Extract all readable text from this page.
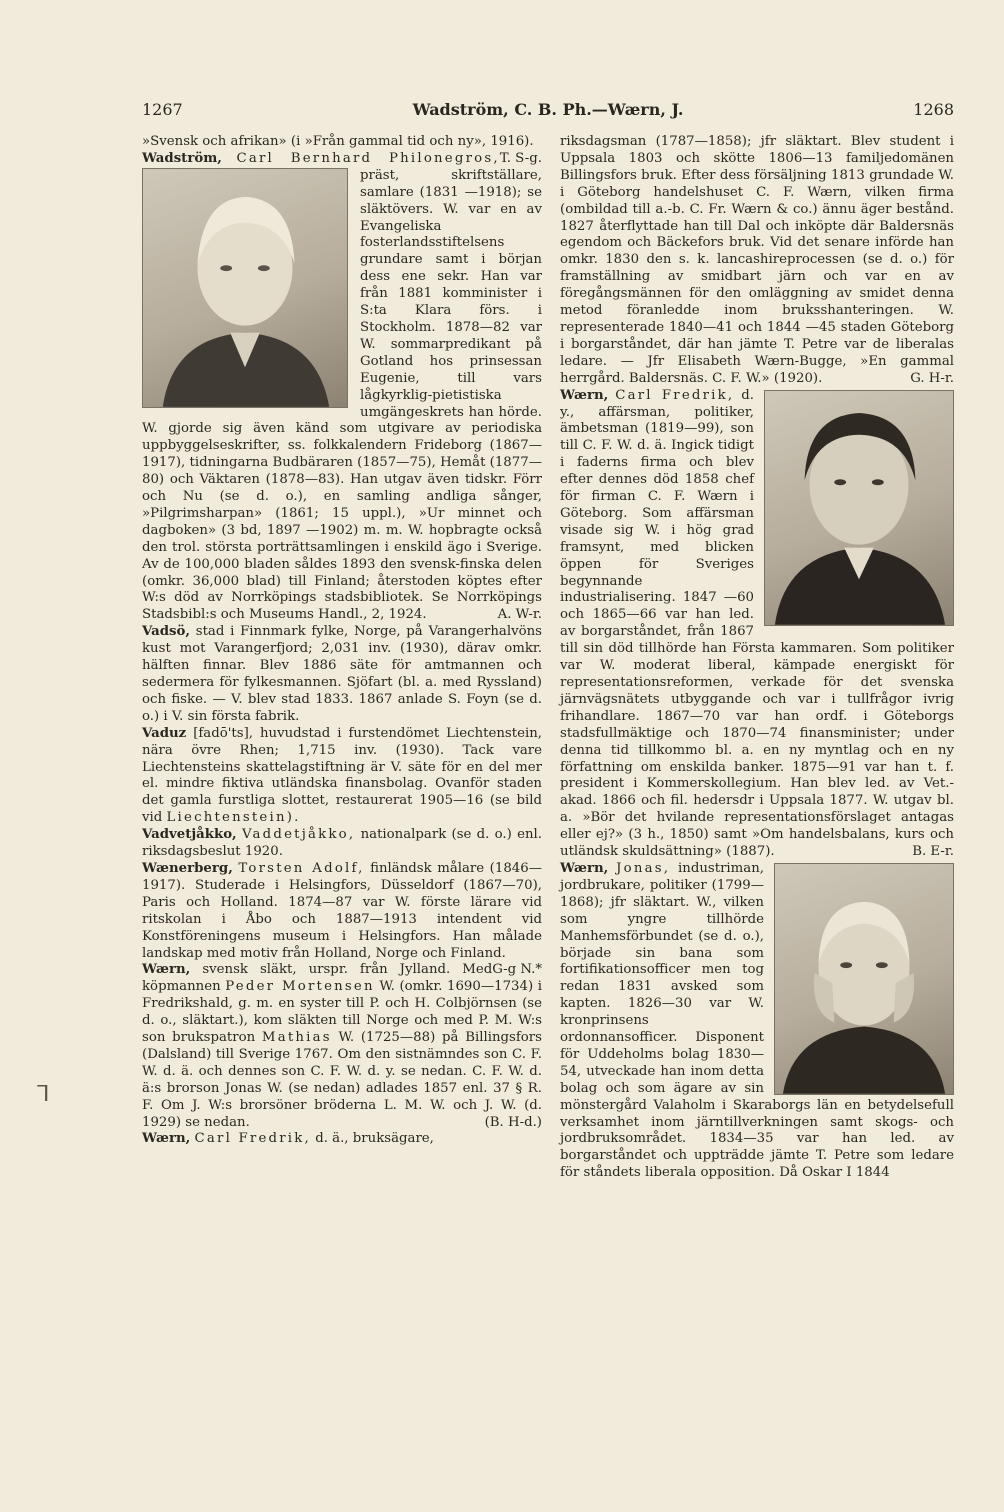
1267	Wadström, C. B. Ph.—Wærn, J.	1268

»Svensk och afrikan» (i »Från gammal tid och ny», 1916).
T. S-g.

Wadström, Carl Bernhard Philonegros,
präst, skriftställare, samlare (1831 —1918); se släktövers. W. var en av Evangeliska fosterlandsstiftelsens grundare samt i början dess ene sekr. Han var från 1881 komminister i S:ta Klara förs. i Stockholm. 1878—82 var W. sommarpredikant på Gotland hos prinsessan Eugenie, till vars lågkyrklig-pietistiska umgängeskrets han hörde. W. gjorde sig även känd som utgivare av periodiska uppbyggelseskrifter, ss. folkkalendern Frideborg (1867—1917), tidningarna Budbäraren (1857—75), Hemåt (1877—80) och Väktaren (1878—83). Han utgav även tidskr. Förr och Nu (se d. o.), en samling andliga sånger, »Pilgrimsharpan» (1861; 15 uppl.), »Ur minnet och dagboken» (3 bd, 1897 —1902) m. m. W. hopbragte också den trol. största porträttsamlingen i enskild ägo i Sverige. Av de 100,000 bladen såldes 1893 den svensk-finska delen (omkr. 36,000 blad) till Finland; återstoden köptes efter W:s död av Norrköpings stadsbibliotek. Se Norrköpings Stadsbibl:s och Museums Handl., 2, 1924.	A. W-r.

Vadsö, stad i Finnmark fylke, Norge, på Varangerhalvöns kust mot Varangerfjord; 2,031 inv. (1930), därav omkr. hälften finnar. Blev 1886 säte för amtmannen och sedermera för fylkesmannen. Sjöfart (bl. a. med Ryssland) och fiske. — V. blev stad 1833. 1867 anlade S. Foyn (se d. o.) i V. sin första fabrik.

Vaduz [fadō'ts], huvudstad i furstendömet Liechtenstein, nära övre Rhen; 1,715 inv. (1930). Tack vare Liechtensteins skattelagstiftning är V. säte för en del mer el. mindre fiktiva utländska finansbolag. Ovanför staden det gamla furstliga slottet, restaurerat 1905—16 (se bild vid Liechtenstein).

Vadvetjåkko, Vaddetjåkko, nationalpark (se d. o.) enl. riksdagsbeslut 1920.

Wænerberg, Torsten Adolf, finländsk målare (1846—1917). Studerade i Helsingfors, Düsseldorf (1867—70), Paris och Holland. 1874—87 var W. förste lärare vid ritskolan i Åbo och 1887—1913 intendent vid Konstföreningens museum i Helsingfors. Han målade landskap med motiv från Holland, Norge och Finland.
G-g N.*

Wærn, svensk släkt, urspr. från Jylland. Med köpmannen Peder Mortensen W. (omkr. 1690—1734) i Fredrikshald, g. m. en syster till P. och H. Colbjörnsen (se d. o., släktart.), kom släkten till Norge och med P. M. W:s son brukspatron Mathias W. (1725—88) på Billingsfors (Dalsland) till Sverige 1767. Om den sistnämndes son C. F. W. d. ä. och dennes son C. F. W. d. y. se nedan. C. F. W. d. ä:s brorson Jonas W. (se nedan) adlades 1857 enl. 37 § R. F. Om J. W:s brorsöner bröderna L. M. W. och J. W. (d. 1929) se nedan.	(B. H-d.)

Wærn, Carl Fredrik, d. ä., bruksägare,

riksdagsman (1787—1858); jfr släktart. Blev student i Uppsala 1803 och skötte 1806—13 familjedomänen Billingsfors bruk. Efter dess försäljning 1813 grundade W. i Göteborg handelshuset C. F. Wærn, vilken firma (ombildad till a.-b. C. Fr. Wærn & co.) ännu äger bestånd. 1827 återflyttade han till Dal och inköpte där Baldersnäs egendom och Bäckefors bruk. Vid det senare införde han omkr. 1830 den s. k. lancashireprocessen (se d. o.) för framställning av smidbart järn och var en av föregångsmännen för den omläggning av smidet denna metod föranledde inom bruksshanteringen. W. representerade 1840—41 och 1844 —45 staden Göteborg i borgarståndet, där han jämte T. Petre var de liberalas ledare. — Jfr Elisabeth Wærn-Bugge, »En gammal herrgård. Baldersnäs. C. F. W.» (1920).	G. H-r.

Wærn, Carl Fredrik, d. y., affärsman, politiker, ämbetsman (1819—99), son till C. F. W. d. ä. Ingick tidigt i faderns firma och blev efter dennes död 1858 chef för firman C. F. Wærn i Göteborg. Som affärsman visade sig W. i hög grad framsynt, med blicken öppen för Sveriges begynnande industrialisering. 1847 —60 och 1865—66 var han led. av borgarståndet, från 1867 till sin död tillhörde han Första kammaren. Som politiker var W. moderat liberal, kämpade energiskt för representationsreformen, verkade för det svenska järnvägsnätets utbyggande och var i tullfrågor ivrig frihandlare. 1867—70 var han ordf. i Göteborgs stadsfullmäktige och 1870—74 finansminister; under denna tid tillkommo bl. a. en ny myntlag och en ny författning om enskilda banker. 1875—91 var han t. f. president i Kommerskollegium. Han blev led. av Vet.-akad. 1866 och fil. hedersdr i Uppsala 1877. W. utgav bl. a. »Bör det hvilande representationsförslaget antagas eller ej?» (3 h., 1850) samt »Om handelsbalans, kurs och utländsk skuldsättning» (1887).	B. E-r.

Wærn, Jonas, industriman, jordbrukare, politiker (1799—1868); jfr släktart. W., vilken som yngre tillhörde Manhemsförbundet (se d. o.), började sin bana som fortifikationsofficer men tog redan 1831 avsked som kapten. 1826—30 var W. kronprinsens ordonnansofficer. Disponent för Uddeholms bolag 1830—54, utveckade han inom detta bolag och som ägare av sin mönstergård Valaholm i Skaraborgs län en betydelsefull verksamhet inom järntillverkningen samt skogs- och jordbruksområdet. 1834—35 var han led. av borgarståndet och uppträdde jämte T. Petre som ledare för ståndets liberala opposition. Då Oskar I 1844

ᒣ
